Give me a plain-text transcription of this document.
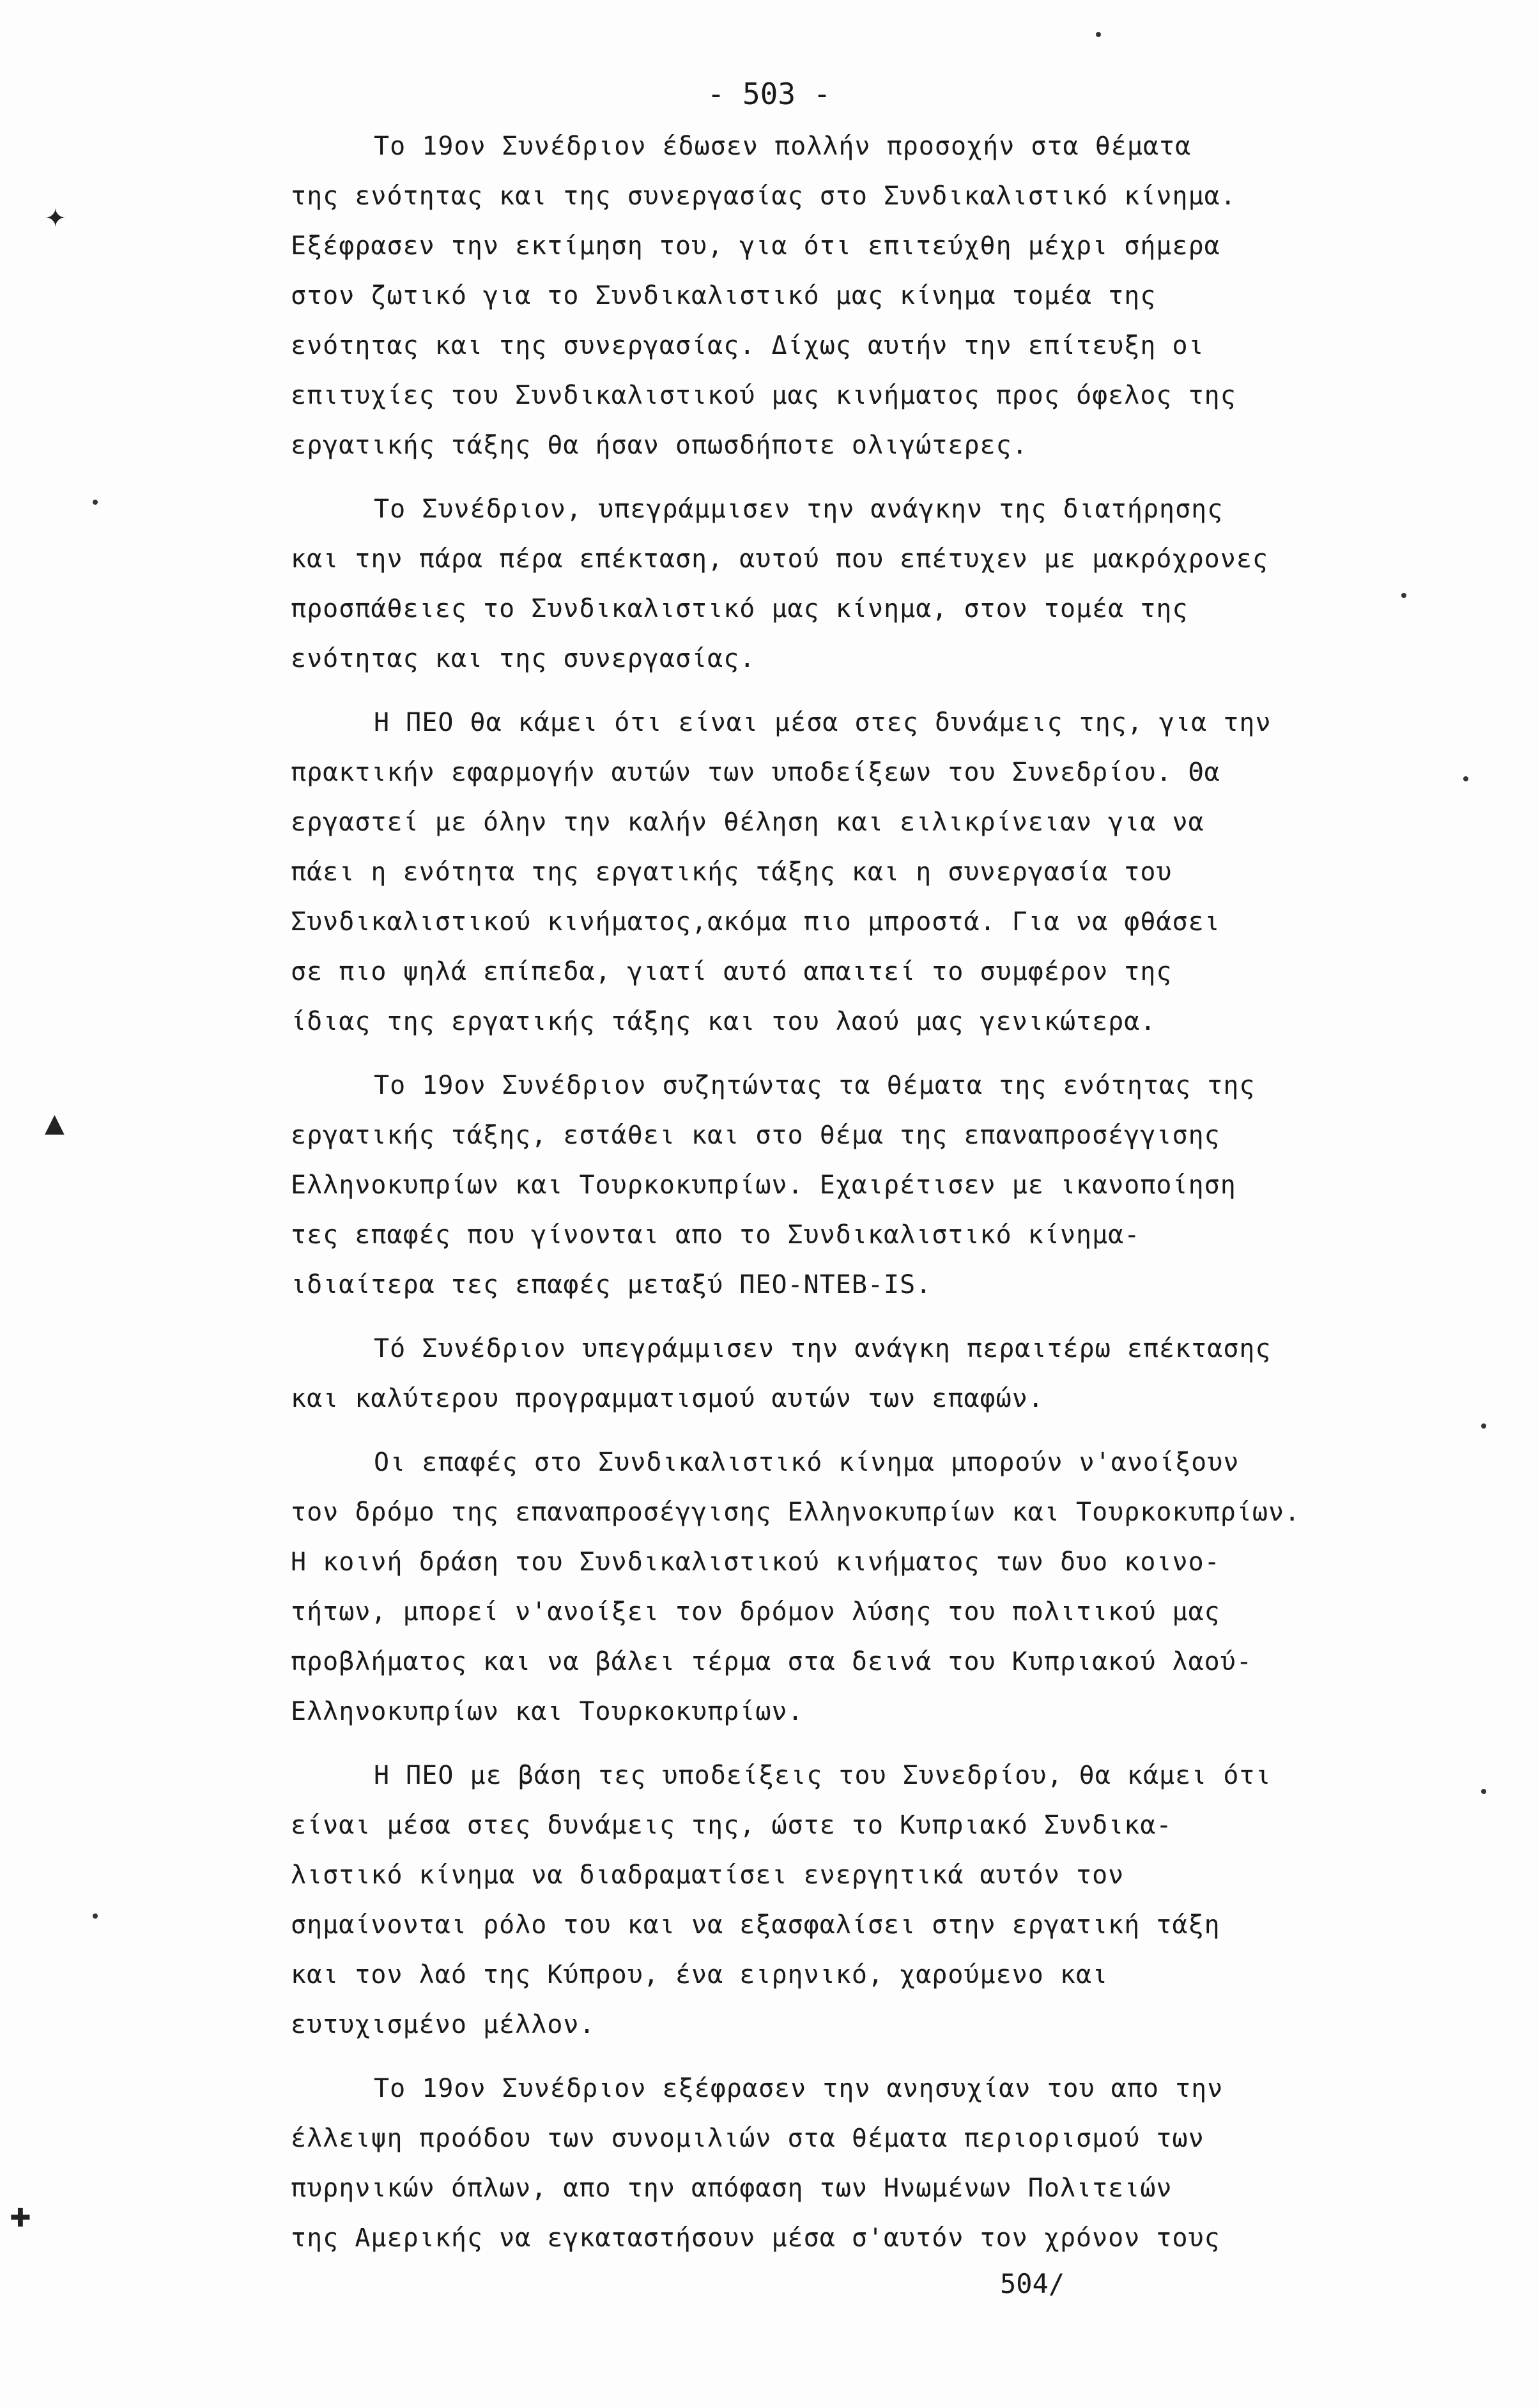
- 503 -
Το 19ον Συνέδριον έδωσεν πολλήν προσοχήν στα θέματα
της ενότητας και της συνεργασίας στο Συνδικαλιστικό κίνημα.
Εξέφρασεν την εκτίμηση του, για ότι επιτεύχθη μέχρι σήμερα
στον ζωτικό για το Συνδικαλιστικό μας κίνημα τομέα της
ενότητας και της συνεργασίας. Δίχως αυτήν την επίτευξη οι
επιτυχίες του Συνδικαλιστικού μας κινήματος προς όφελος της
εργατικής τάξης θα ήσαν οπωσδήποτε ολιγώτερες.
Το Συνέδριον, υπεγράμμισεν την ανάγκην της διατήρησης
και την πάρα πέρα επέκταση, αυτού που επέτυχεν με μακρόχρονες
προσπάθειες το Συνδικαλιστικό μας κίνημα, στον τομέα της
ενότητας και της συνεργασίας.
Η ΠΕΟ θα κάμει ότι είναι μέσα στες δυνάμεις της, για την
πρακτικήν εφαρμογήν αυτών των υποδείξεων του Συνεδρίου. Θα
εργαστεί με όλην την καλήν θέληση και ειλικρίνειαν για να
πάει η ενότητα της εργατικής τάξης και η συνεργασία του
Συνδικαλιστικού κινήματος,ακόμα πιο μπροστά. Για να φθάσει
σε πιο ψηλά επίπεδα, γιατί αυτό απαιτεί το συμφέρον της
ίδιας της εργατικής τάξης και του λαού μας γενικώτερα.
Το 19ον Συνέδριον συζητώντας τα θέματα της ενότητας της
εργατικής τάξης, εστάθει και στο θέμα της επαναπροσέγγισης
Ελληνοκυπρίων και Τουρκοκυπρίων. Εχαιρέτισεν με ικανοποίηση
τες επαφές που γίνονται απο το Συνδικαλιστικό κίνημα-
ιδιαίτερα τες επαφές μεταξύ ΠΕΟ-ΝΤΕΒ-ΙS.
Τό Συνέδριον υπεγράμμισεν την ανάγκη περαιτέρω επέκτασης
και καλύτερου προγραμματισμού αυτών των επαφών.
Οι επαφές στο Συνδικαλιστικό κίνημα μπορούν ν'ανοίξουν
τον δρόμο της επαναπροσέγγισης Ελληνοκυπρίων και Τουρκοκυπρίων.
Η κοινή δράση του Συνδικαλιστικού κινήματος των δυο κοινο-
τήτων, μπορεί ν'ανοίξει τον δρόμον λύσης του πολιτικού μας
προβλήματος και να βάλει τέρμα στα δεινά του Κυπριακού λαού-
Ελληνοκυπρίων και Τουρκοκυπρίων.
Η ΠΕΟ με βάση τες υποδείξεις του Συνεδρίου, θα κάμει ότι
είναι μέσα στες δυνάμεις της, ώστε το Κυπριακό Συνδικα-
λιστικό κίνημα να διαδραματίσει ενεργητικά αυτόν τον
σημαίνονται ρόλο του και να εξασφαλίσει στην εργατική τάξη
και τον λαό της Κύπρου, ένα ειρηνικό, χαρούμενο και
ευτυχισμένο μέλλον.
Το 19ον Συνέδριον εξέφρασεν την ανησυχίαν του απο την
έλλειψη προόδου των συνομιλιών στα θέματα περιορισμού των
πυρηνικών όπλων, απο την απόφαση των Ηνωμένων Πολιτειών
της Αμερικής να εγκαταστήσουν μέσα σ'αυτόν τον χρόνον τους
504/
✦
▲
✚
